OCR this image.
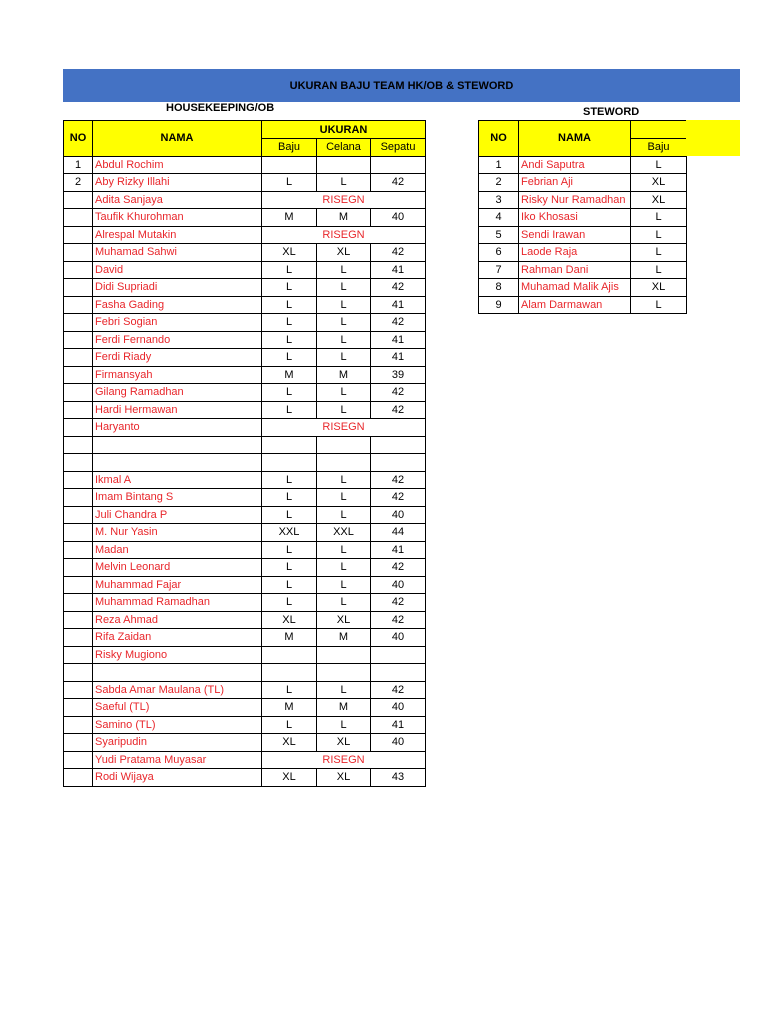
UKURAN BAJU TEAM HK/OB & STEWORD
HOUSEKEEPING/OB	STEWORD
NO	NAMA	UKURAN		
		Baju	Celana	Sepatu
1	Abdul Rochim			
2	Aby Rizky Illahi	L	L	42
	Adita Sanjaya	RISEGN		
	Taufik Khurohman	M	M	40
	Alrespal Mutakin	RISEGN		
	Muhamad Sahwi	XL	XL	42
	David	L	L	41
	Didi Supriadi	L	L	42
	Fasha Gading	L	L	41
	Febri Sogian	L	L	42
	Ferdi Fernando	L	L	41
	Ferdi Riady	L	L	41
	Firmansyah	M	M	39
	Gilang Ramadhan	L	L	42
	Hardi Hermawan	L	L	42
	Haryanto	RISEGN		

	Ikmal A	L	L	42
	Imam Bintang S	L	L	42
	Juli Chandra P	L	L	40
	M. Nur Yasin	XXL	XXL	44
	Madan	L	L	41
	Melvin Leonard	L	L	42
	Muhammad Fajar	L	L	40
	Muhammad Ramadhan	L	L	42
	Reza Ahmad	XL	XL	42
	Rifa Zaidan	M	M	40
	Risky Mugiono			

	Sabda Amar Maulana (TL)	L	L	42
	Saeful (TL)	M	M	40
	Samino (TL)	L	L	41
	Syaripudin	XL	XL	40
	Yudi Pratama Muyasar	RISEGN		
	Rodi Wijaya	XL	XL	43
NO	NAMA	
		Baju
1	Andi Saputra	L
2	Febrian Aji	XL
3	Risky Nur Ramadhan	XL
4	Iko Khosasi	L
5	Sendi Irawan	L
6	Laode Raja	L
7	Rahman Dani	L
8	Muhamad Malik Ajis	XL
9	Alam Darmawan	L
